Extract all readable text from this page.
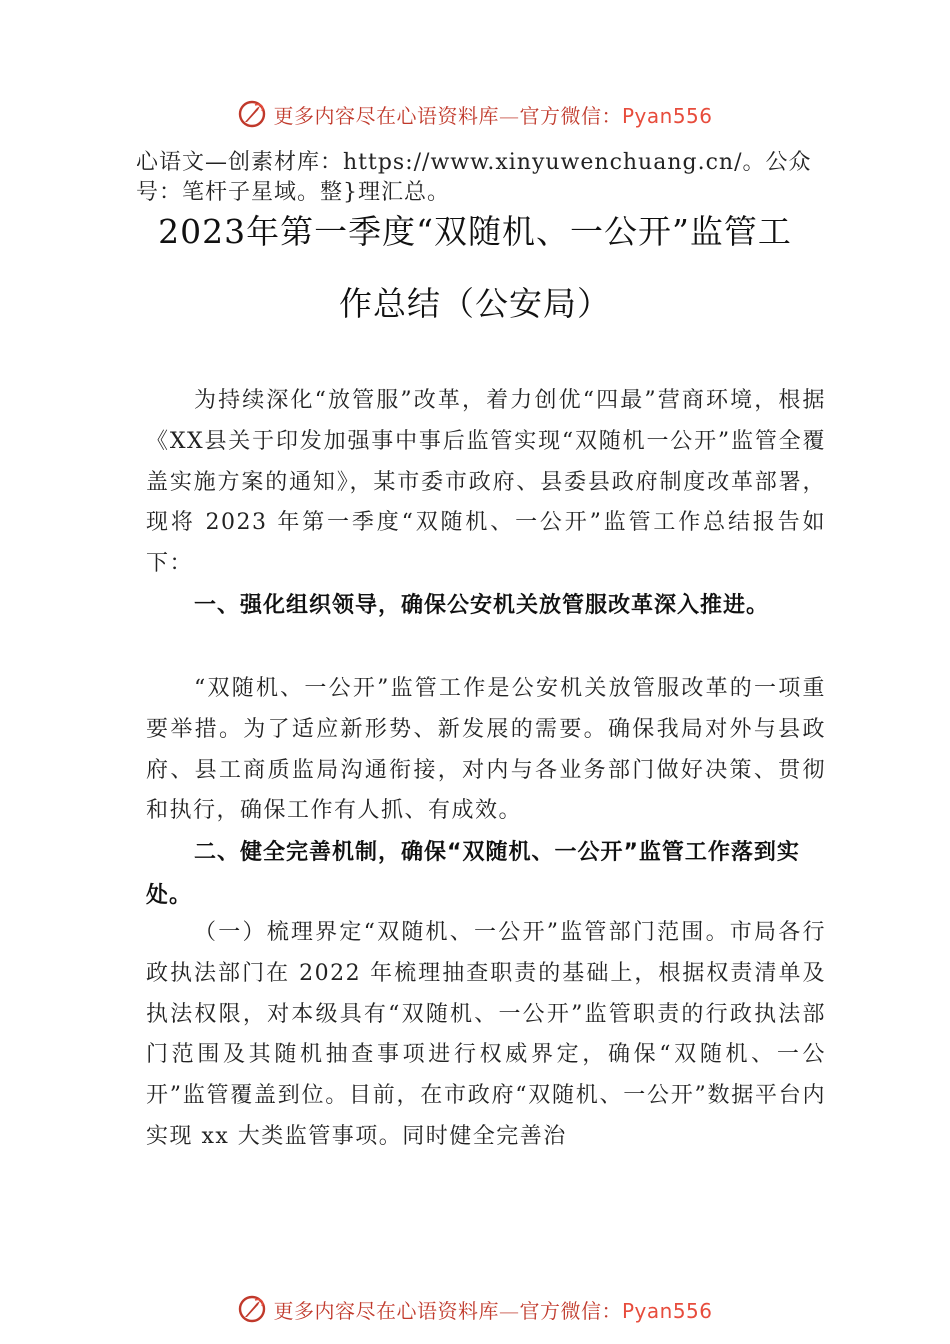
更多内容尽在心语资料库—官方微信：Pyan556
心语文—创素材库：https://www.xinyuwenchuang.cn/。公众号：笔杆子星域。整}理汇总。
2023年第一季度“双随机、一公开”监管工
作总结（公安局）

为持续深化“放管服”改革，着力创优“四最”营商环境，根据《XX县关于印发加强事中事后监管实现“双随机一公开”监管全覆盖实施方案的通知》，某市委市政府、县委县政府制度改革部署，现将 2023 年第一季度“双随机、一公开”监管工作总结报告如下：

一、强化组织领导，确保公安机关放管服改革深入推进。

“双随机、一公开”监管工作是公安机关放管服改革的一项重要举措。为了适应新形势、新发展的需要。确保我局对外与县政府、县工商质监局沟通衔接，对内与各业务部门做好决策、贯彻和执行，确保工作有人抓、有成效。

二、健全完善机制，确保“双随机、一公开”监管工作落到实处。

（一）梳理界定“双随机、一公开”监管部门范围。市局各行政执法部门在 2022 年梳理抽查职责的基础上，根据权责清单及执法权限，对本级具有“双随机、一公开”监管职责的行政执法部门范围及其随机抽查事项进行权威界定，确保“双随机、一公开”监管覆盖到位。目前，在市政府“双随机、一公开”数据平台内实现 xx 大类监管事项。同时健全完善治

更多内容尽在心语资料库—官方微信：Pyan556
